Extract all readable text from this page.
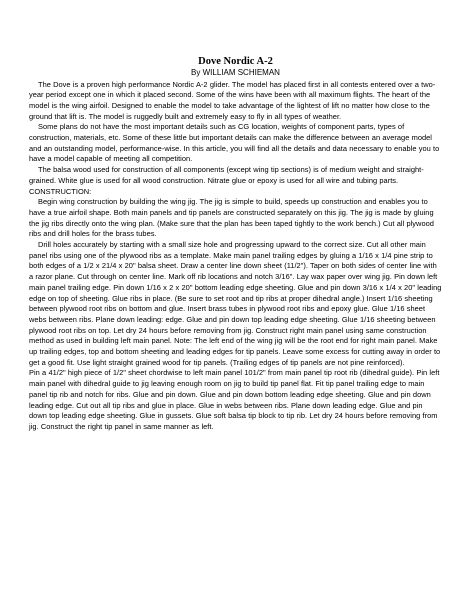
Dove Nordic A-2

By WILLIAM SCHIEMAN

The Dove is a proven high performance Nordic A-2 glider. The model has placed first in all contests entered over a two-year period except one in which it placed second. Some of the wins have been with all maximum flights. The heart of the model is the wing airfoil. Designed to enable the model to take advantage of the lightest of lift no matter how close to the ground that lift is. The model is ruggedly built and extremely easy to fly in all types of weather.

Some plans do not have the most important details such as CG location, weights of component parts, types of construction, materials, etc. Some of these little but important details can make the difference between an average model and an outstanding model, performance-wise. In this article, you will find all the details and data necessary to enable you to have a model capable of meeting all competition.

The balsa wood used for construction of all components (except wing tip sections) is of medium weight and straight-grained. White glue is used for all wood construction. Nitrate glue or epoxy is used for all wire and tubing parts.

CONSTRUCTION:

Begin wing construction by building the wing jig. The jig is simple to build, speeds up construction and enables you to have a true airfoil shape. Both main panels and tip panels are constructed separately on this jig. The jig is made by gluing the jig ribs directly onto the wing plan. (Make sure that the plan has been taped tightly to the work bench.) Cut all plywood ribs and drill holes for the brass tubes.

Drill holes accurately by starting with a small size hole and progressing upward to the correct size. Cut all other main panel ribs using one of the plywood ribs as a template. Make main panel trailing edges by gluing a 1/16 x 1/4 pine strip to both edges of a 1/2 x 21/4 x 20" balsa sheet. Draw a center line down sheet (11/2"). Taper on both sides of center line with a razor plane. Cut through on center line. Mark off rib locations and notch 3/16". Lay wax paper over wing jig. Pin down left main panel trailing edge. Pin down 1/16 x 2 x 20" bottom leading edge sheeting. Glue and pin down 3/16 x 1/4 x 20" leading edge on top of sheeting. Glue ribs in place. (Be sure to set root and tip ribs at proper dihedral angle.) Insert 1/16 sheeting between plywood root ribs on bottom and glue. Insert brass tubes in plywood root ribs and epoxy glue. Glue 1/16 sheet webs between ribs. Plane down leading: edge. Glue and pin down top leading edge sheeting. Glue 1/16 sheeting between plywood root ribs on top. Let dry 24 hours before removing from jig. Construct right main panel using same construction method as used in building left main panel. Note: The left end of the wing jig will be the root end for right main panel. Make up trailing edges, top and bottom sheeting and leading edges for tip panels. Leave some excess for cutting away in order to get a good fit. Use light straight grained wood for tip panels. (Trailing edges of tip panels are not pine reinforced).

Pin a 41/2" high piece of 1/2" sheet chordwise to left main panel 101/2" from main panel tip root rib (dihedral guide). Pin left main panel with dihedral guide to jig leaving enough room on jig to build tip panel flat. Fit tip panel trailing edge to main panel tip rib and notch for ribs. Glue and pin down. Glue and pin down bottom leading edge sheeting. Glue and pin down leading edge. Cut out all tip ribs and glue in place. Glue in webs between ribs. Plane down leading edge. Glue and pin down top leading edge sheeting. Glue in gussets. Glue soft balsa tip block to tip rib. Let dry 24 hours before removing from jig. Construct the right tip panel in same manner as left.
